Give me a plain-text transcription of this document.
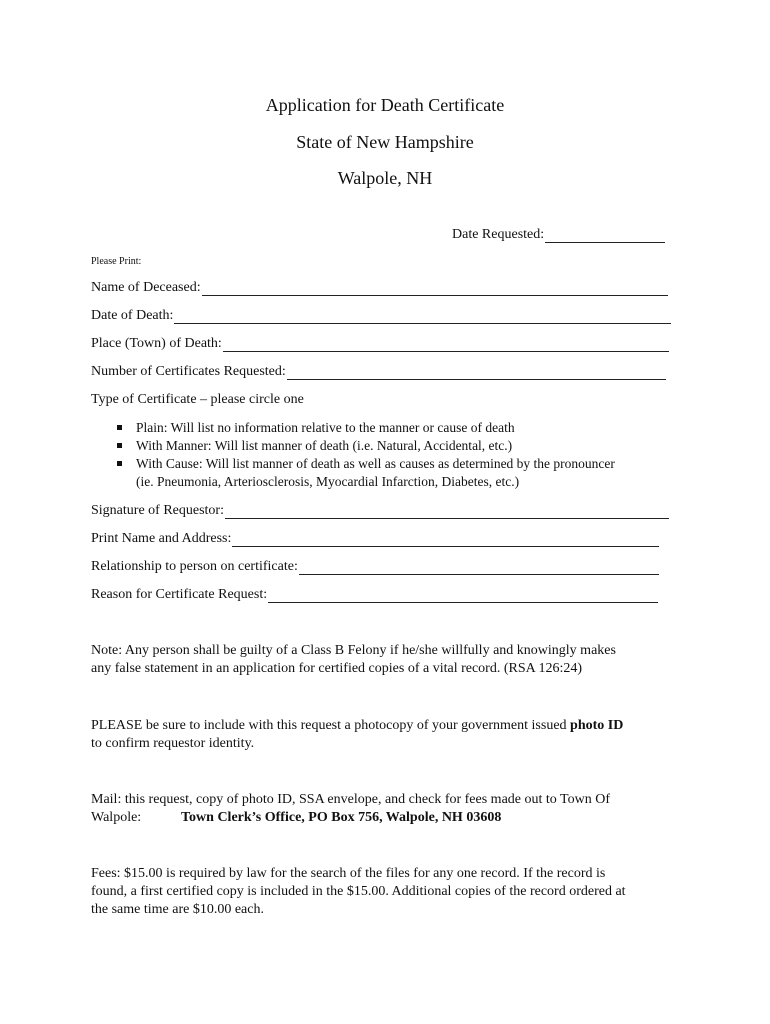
Application for Death Certificate
State of New Hampshire
Walpole, NH
Date Requested:
Please Print:
Name of Deceased:
Date of Death:
Place (Town) of Death:
Number of Certificates Requested:
Type of Certificate – please circle one
Plain: Will list no information relative to the manner or cause of death
With Manner: Will list manner of death (i.e. Natural, Accidental, etc.)
With Cause: Will list manner of death as well as causes as determined by the pronouncer
(ie. Pneumonia, Arteriosclerosis, Myocardial Infarction, Diabetes, etc.)
Signature of Requestor:
Print Name and Address:
Relationship to person on certificate:
Reason for Certificate Request:
Note: Any person shall be guilty of a Class B Felony if he/she willfully and knowingly makes
any false statement in an application for certified copies of a vital record. (RSA 126:24)
PLEASE be sure to include with this request a photocopy of your government issued photo ID
to confirm requestor identity.
Mail: this request, copy of photo ID, SSA envelope, and check for fees made out to Town Of
Walpole:	Town Clerk’s Office, PO Box 756, Walpole, NH 03608
Fees: $15.00 is required by law for the search of the files for any one record. If the record is
found, a first certified copy is included in the $15.00. Additional copies of the record ordered at
the same time are $10.00 each.
